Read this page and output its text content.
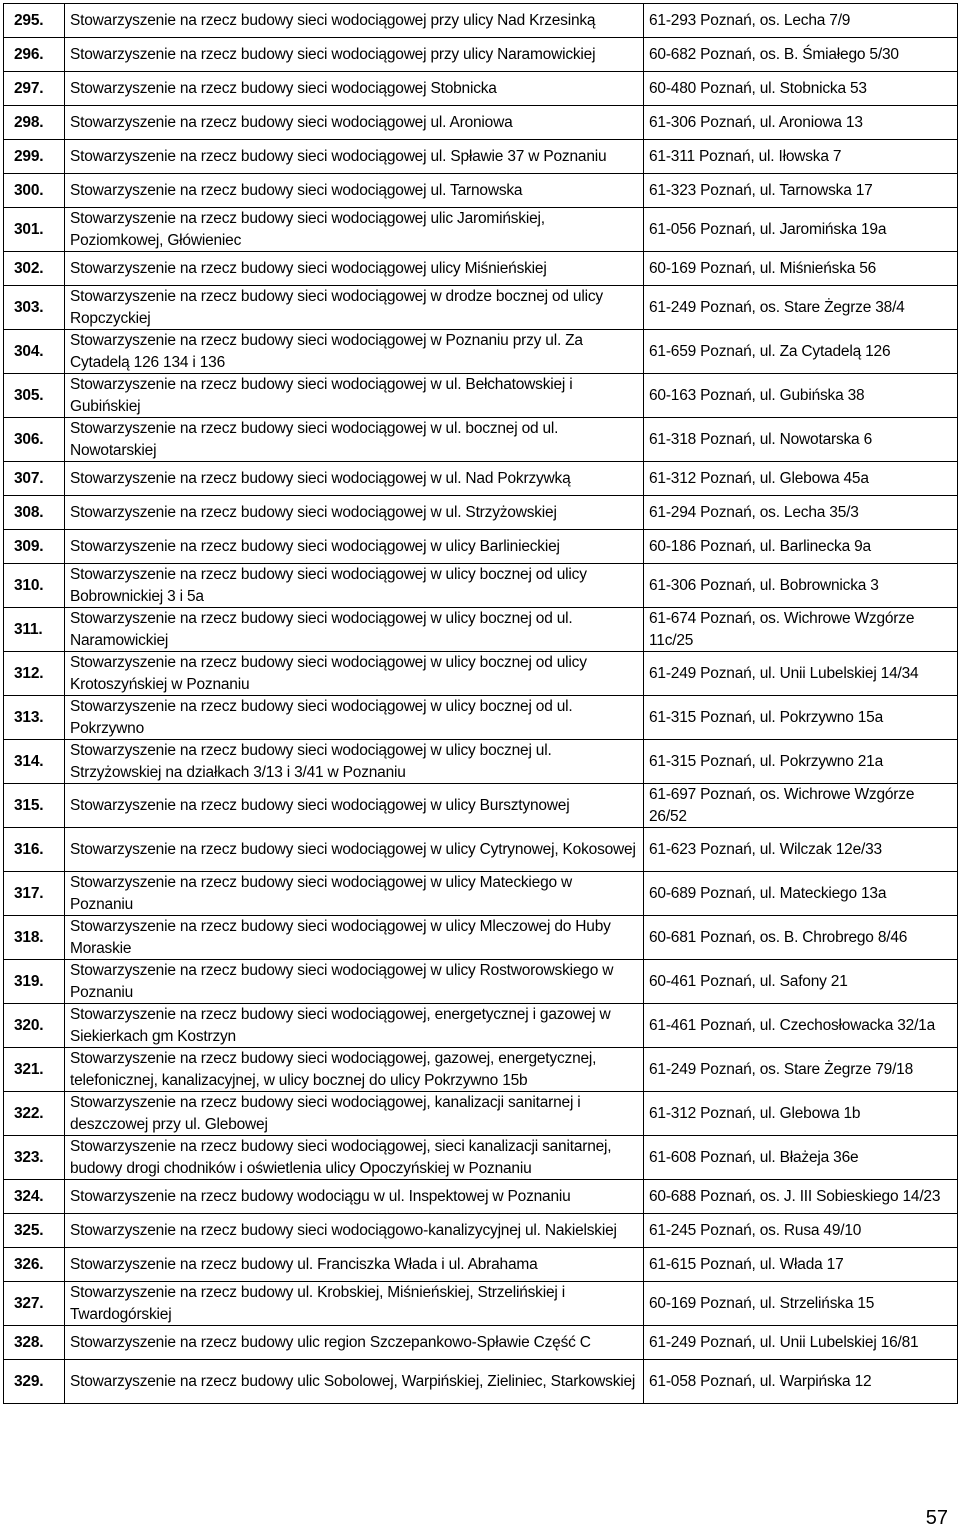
295.	Stowarzyszenie na rzecz budowy sieci wodociągowej przy ulicy Nad Krzesinką	61-293 Poznań, os. Lecha 7/9
296.	Stowarzyszenie na rzecz budowy sieci wodociągowej przy ulicy Naramowickiej	60-682 Poznań, os. B. Śmiałego 5/30
297.	Stowarzyszenie na rzecz budowy sieci wodociągowej Stobnicka	60-480 Poznań, ul. Stobnicka 53
298.	Stowarzyszenie na rzecz budowy sieci wodociągowej ul. Aroniowa	61-306 Poznań, ul. Aroniowa 13
299.	Stowarzyszenie na rzecz budowy sieci wodociągowej ul. Spławie 37 w Poznaniu	61-311 Poznań, ul. Iłowska 7
300.	Stowarzyszenie na rzecz budowy sieci wodociągowej ul. Tarnowska	61-323 Poznań, ul. Tarnowska 17
301.	Stowarzyszenie na rzecz budowy sieci wodociągowej ulic Jaromińskiej, Poziomkowej, Główieniec	61-056 Poznań, ul. Jaromińska 19a
302.	Stowarzyszenie na rzecz budowy sieci wodociągowej ulicy Miśnieńskiej	60-169 Poznań, ul. Miśnieńska 56
303.	Stowarzyszenie na rzecz budowy sieci wodociągowej w drodze bocznej od ulicy Ropczyckiej	61-249 Poznań, os. Stare Żegrze 38/4
304.	Stowarzyszenie na rzecz budowy sieci wodociągowej w Poznaniu przy ul. Za Cytadelą 126 134 i 136	61-659 Poznań, ul. Za Cytadelą 126
305.	Stowarzyszenie na rzecz budowy sieci wodociągowej w ul. Bełchatowskiej i Gubińskiej	60-163 Poznań, ul. Gubińska 38
306.	Stowarzyszenie na rzecz budowy sieci wodociągowej w ul. bocznej od ul. Nowotarskiej	61-318 Poznań, ul. Nowotarska 6
307.	Stowarzyszenie na rzecz budowy sieci wodociągowej w ul. Nad Pokrzywką	61-312 Poznań, ul. Glebowa 45a
308.	Stowarzyszenie na rzecz budowy sieci wodociągowej w ul. Strzyżowskiej	61-294 Poznań, os. Lecha 35/3
309.	Stowarzyszenie na rzecz budowy sieci wodociągowej w ulicy Barlinieckiej	60-186 Poznań, ul. Barlinecka 9a
310.	Stowarzyszenie na rzecz budowy sieci wodociągowej w ulicy bocznej od ulicy Bobrownickiej 3 i 5a	61-306 Poznań, ul. Bobrownicka 3
311.	Stowarzyszenie na rzecz budowy sieci wodociągowej w ulicy bocznej od ul. Naramowickiej	61-674 Poznań, os. Wichrowe Wzgórze 11c/25
312.	Stowarzyszenie na rzecz budowy sieci wodociągowej w ulicy bocznej od ulicy Krotoszyńskiej w Poznaniu	61-249 Poznań, ul. Unii Lubelskiej 14/34
313.	Stowarzyszenie na rzecz budowy sieci wodociągowej w ulicy bocznej od ul. Pokrzywno	61-315 Poznań, ul. Pokrzywno 15a
314.	Stowarzyszenie na rzecz budowy sieci wodociągowej w ulicy bocznej ul. Strzyżowskiej na działkach 3/13 i 3/41 w Poznaniu	61-315 Poznań, ul. Pokrzywno 21a
315.	Stowarzyszenie na rzecz budowy sieci wodociągowej w ulicy Bursztynowej	61-697 Poznań, os. Wichrowe Wzgórze 26/52
316.	Stowarzyszenie na rzecz budowy sieci wodociągowej w ulicy Cytrynowej, Kokosowej	61-623 Poznań, ul. Wilczak 12e/33
317.	Stowarzyszenie na rzecz budowy sieci wodociągowej w ulicy Mateckiego w Poznaniu	60-689 Poznań, ul. Mateckiego 13a
318.	Stowarzyszenie na rzecz budowy sieci wodociągowej w ulicy Mleczowej do Huby Moraskie	60-681 Poznań, os. B. Chrobrego 8/46
319.	Stowarzyszenie na rzecz budowy sieci wodociągowej w ulicy Rostworowskiego w Poznaniu	60-461 Poznań, ul. Safony 21
320.	Stowarzyszenie na rzecz budowy sieci wodociągowej, energetycznej i gazowej w Siekierkach gm Kostrzyn	61-461 Poznań, ul. Czechosłowacka 32/1a
321.	Stowarzyszenie na rzecz budowy sieci wodociągowej, gazowej, energetycznej, telefonicznej, kanalizacyjnej, w ulicy bocznej do ulicy Pokrzywno 15b	61-249 Poznań, os. Stare Żegrze 79/18
322.	Stowarzyszenie na rzecz budowy sieci wodociągowej, kanalizacji sanitarnej i deszczowej przy ul. Glebowej	61-312 Poznań, ul. Glebowa 1b
323.	Stowarzyszenie na rzecz budowy sieci wodociągowej, sieci kanalizacji sanitarnej, budowy drogi chodników i oświetlenia ulicy Opoczyńskiej w Poznaniu	61-608 Poznań, ul. Błażeja 36e
324.	Stowarzyszenie na rzecz budowy wodociągu w ul. Inspektowej w Poznaniu	60-688 Poznań, os. J. III Sobieskiego 14/23
325.	Stowarzyszenie na rzecz budowy sieci wodociągowo-kanalizycyjnej ul. Nakielskiej	61-245 Poznań, os. Rusa 49/10
326.	Stowarzyszenie na rzecz budowy ul. Franciszka Włada i ul. Abrahama	61-615 Poznań, ul. Włada 17
327.	Stowarzyszenie na rzecz budowy ul. Krobskiej, Miśnieńskiej, Strzelińskiej i Twardogórskiej	60-169 Poznań, ul. Strzelińska 15
328.	Stowarzyszenie na rzecz budowy ulic region Szczepankowo-Spławie Część C	61-249 Poznań, ul. Unii Lubelskiej 16/81
329.	Stowarzyszenie na rzecz budowy ulic Sobolowej, Warpińskiej, Zieliniec, Starkowskiej	61-058 Poznań, ul. Warpińska 12
57
